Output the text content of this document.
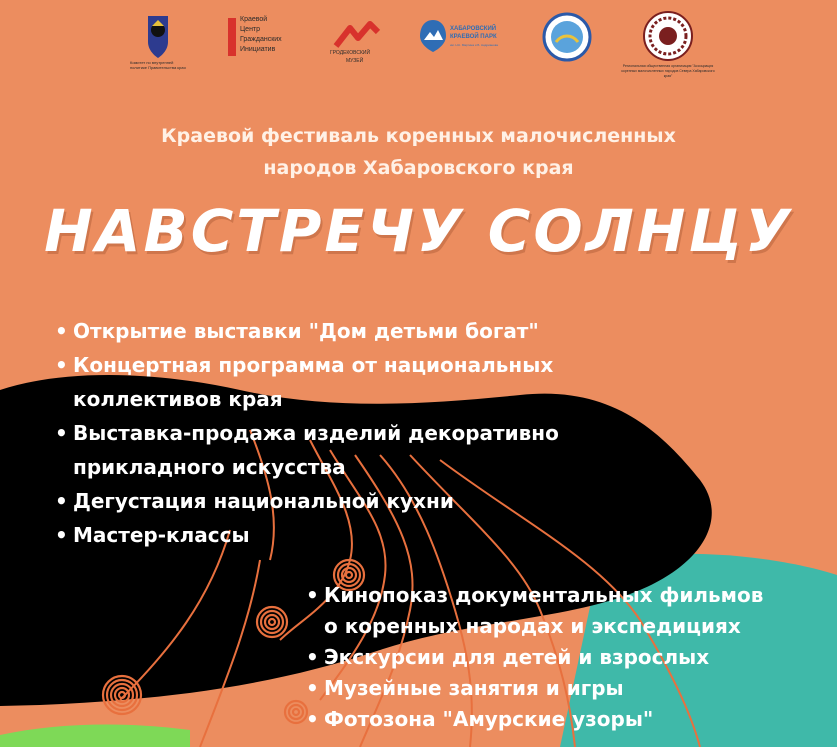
Комитет по внутренней политике Правительства края
Краевой
Центр
Гражданских
Инициатив	ГРОДЕКОВСКИЙ
МУЗЕЙ
ХАБАРОВСКИЙ
КРАЕВОЙ ПАРК
им. Н.К. Мартина и Б. Андрианова
Региональная общественная организация "Ассоциация коренных малочисленных народов Севера Хабаровского края"
Краевой фестиваль коренных малочисленных
народов Хабаровского края
НАВСТРЕЧУ СОЛНЦУ
• Открытие выставки "Дом детьми богат"
• Концертная программа от национальных
коллективов края
• Выставка-продажа изделий декоративно
прикладного искусства
• Дегустация национальной кухни
• Мастер-классы
• Кинопоказ документальных фильмов
о коренных народах и экспедициях
• Экскурсии для детей и взрослых
• Музейные занятия и игры
• Фотозона "Амурские узоры"
